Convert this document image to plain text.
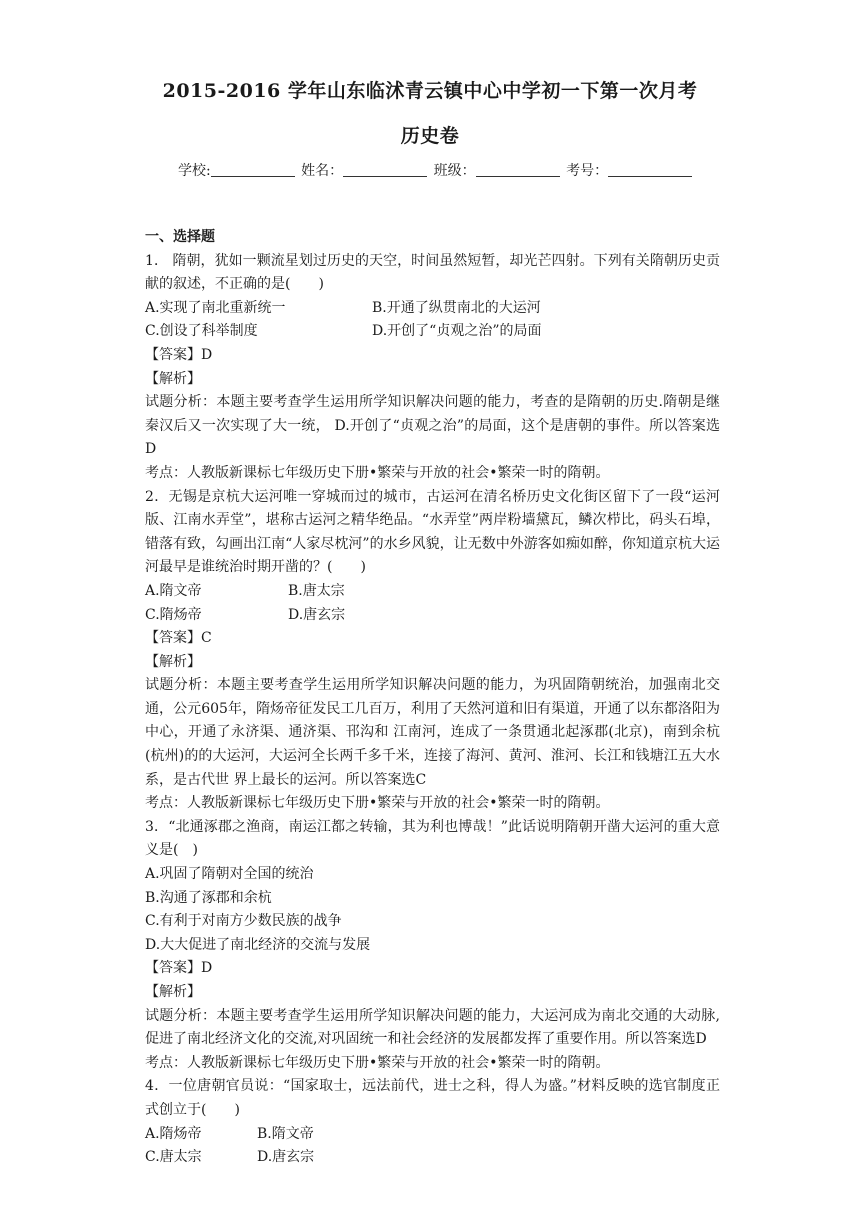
2015-2016 学年山东临沭青云镇中心中学初一下第一次月考
历史卷
学校:	姓名：	班级：	考号：

一、选择题

1． 隋朝，犹如一颗流星划过历史的天空，时间虽然短暂，却光芒四射。下列有关隋朝历史贡献的叙述，不正确的是(　　)

A.实现了南北重新统一	B.开通了纵贯南北的大运河
C.创设了科举制度	D.开创了“贞观之治”的局面

【答案】D

【解析】

试题分析：本题主要考查学生运用所学知识解决问题的能力，考查的是隋朝的历史.隋朝是继秦汉后又一次实现了大一统， D.开创了“贞观之治”的局面，这个是唐朝的事件。所以答案选D

考点：人教版新课标七年级历史下册•繁荣与开放的社会•繁荣一时的隋朝。

2．无锡是京杭大运河唯一穿城而过的城市，古运河在清名桥历史文化街区留下了一段“运河版、江南水弄堂”，堪称古运河之精华绝品。“水弄堂”两岸粉墙黛瓦，鳞次栉比，码头石埠，错落有致，勾画出江南“人家尽枕河”的水乡风貌，让无数中外游客如痴如醉，你知道京杭大运河最早是谁统治时期开凿的？(　　)

A.隋文帝	B.唐太宗
C.隋炀帝	D.唐玄宗

【答案】C

【解析】

试题分析：本题主要考查学生运用所学知识解决问题的能力，为巩固隋朝统治，加强南北交通，公元605年，隋炀帝征发民工几百万，利用了天然河道和旧有渠道，开通了以东都洛阳为中心，开通了永济渠、通济渠、邗沟和 江南河，连成了一条贯通北起涿郡(北京)，南到余杭(杭州)的的大运河，大运河全长两千多千米，连接了海河、黄河、淮河、长江和钱塘江五大水系，是古代世 界上最长的运河。所以答案选C

考点：人教版新课标七年级历史下册•繁荣与开放的社会•繁荣一时的隋朝。

3．“北通涿郡之渔商，南运江都之转输，其为利也博哉！”此话说明隋朝开凿大运河的重大意义是(　)

A.巩固了隋朝对全国的统治

B.沟通了涿郡和余杭

C.有利于对南方少数民族的战争

D.大大促进了南北经济的交流与发展

【答案】D

【解析】

试题分析：本题主要考查学生运用所学知识解决问题的能力，大运河成为南北交通的大动脉,促进了南北经济文化的交流,对巩固统一和社会经济的发展都发挥了重要作用。所以答案选D

考点：人教版新课标七年级历史下册•繁荣与开放的社会•繁荣一时的隋朝。

4．一位唐朝官员说：“国家取士，远法前代，进士之科，得人为盛。”材料反映的选官制度正式创立于(　　)

A.隋炀帝	B.隋文帝
C.唐太宗	D.唐玄宗
